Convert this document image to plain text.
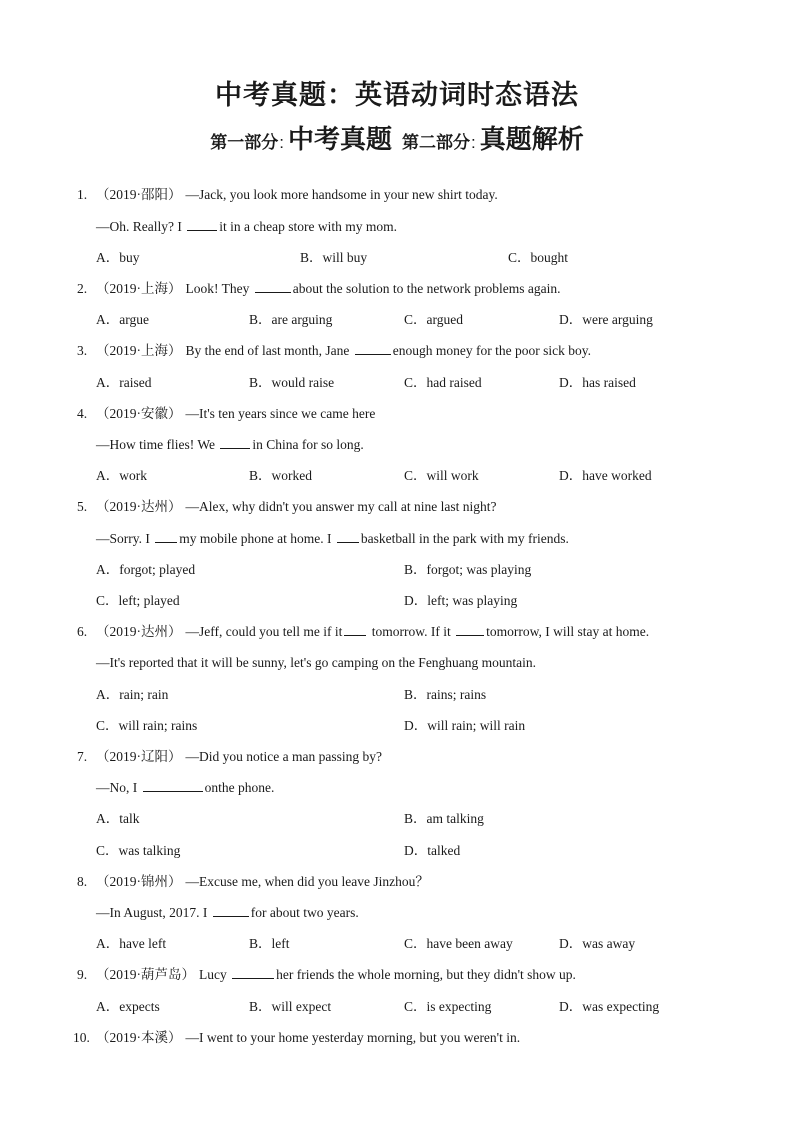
中考真题：英语动词时态语法
第一部分: 中考真题 第二部分: 真题解析
1. （2019·邵阳） —Jack, you look more handsome in your new shirt today.
—Oh. Really? I	it in a cheap store with my mom.
A．buy	B．will buy	C．bought
2. （2019·上海） Look! They	about the solution to the network problems again.
A．argue	B．are arguing	C．argued	D．were arguing
3. （2019·上海） By the end of last month, Jane	enough money for the poor sick boy.
A．raised	B．would raise	C．had raised	D．has raised
4. （2019·安徽） —It's ten years since we came here
—How time flies! We	in China for so long.
A．work	B．worked	C．will work	D．have worked
5. （2019·达州） —Alex, why didn't you answer my call at nine last night?
—Sorry. I my mobile phone at home. I basketball in the park with my friends.
A．forgot; played	B．forgot; was playing
C．left; played	D．left; was playing
6. （2019·达州） —Jeff, could you tell me if it tomorrow. If it tomorrow, I will stay at home.
—It's reported that it will be sunny, let's go camping on the Fenghuang mountain.
A．rain; rain	B．rains; rains
C．will rain; rains	D．will rain; will rain
7. （2019·辽阳） —Did you notice a man passing by?
—No, I	onthe phone.
A．talk	B．am talking
C．was talking	D．talked
8. （2019·锦州） —Excuse me, when did you leave Jinzhou？
—In August, 2017. I	for about two years.
A．have left	B．left	C．have been away	D．was away
9. （2019·葫芦岛） Lucy	her friends the whole morning, but they didn't show up.
A．expects	B．will expect	C．is expecting	D．was expecting
10. （2019·本溪） —I went to your home yesterday morning, but you weren't in.
